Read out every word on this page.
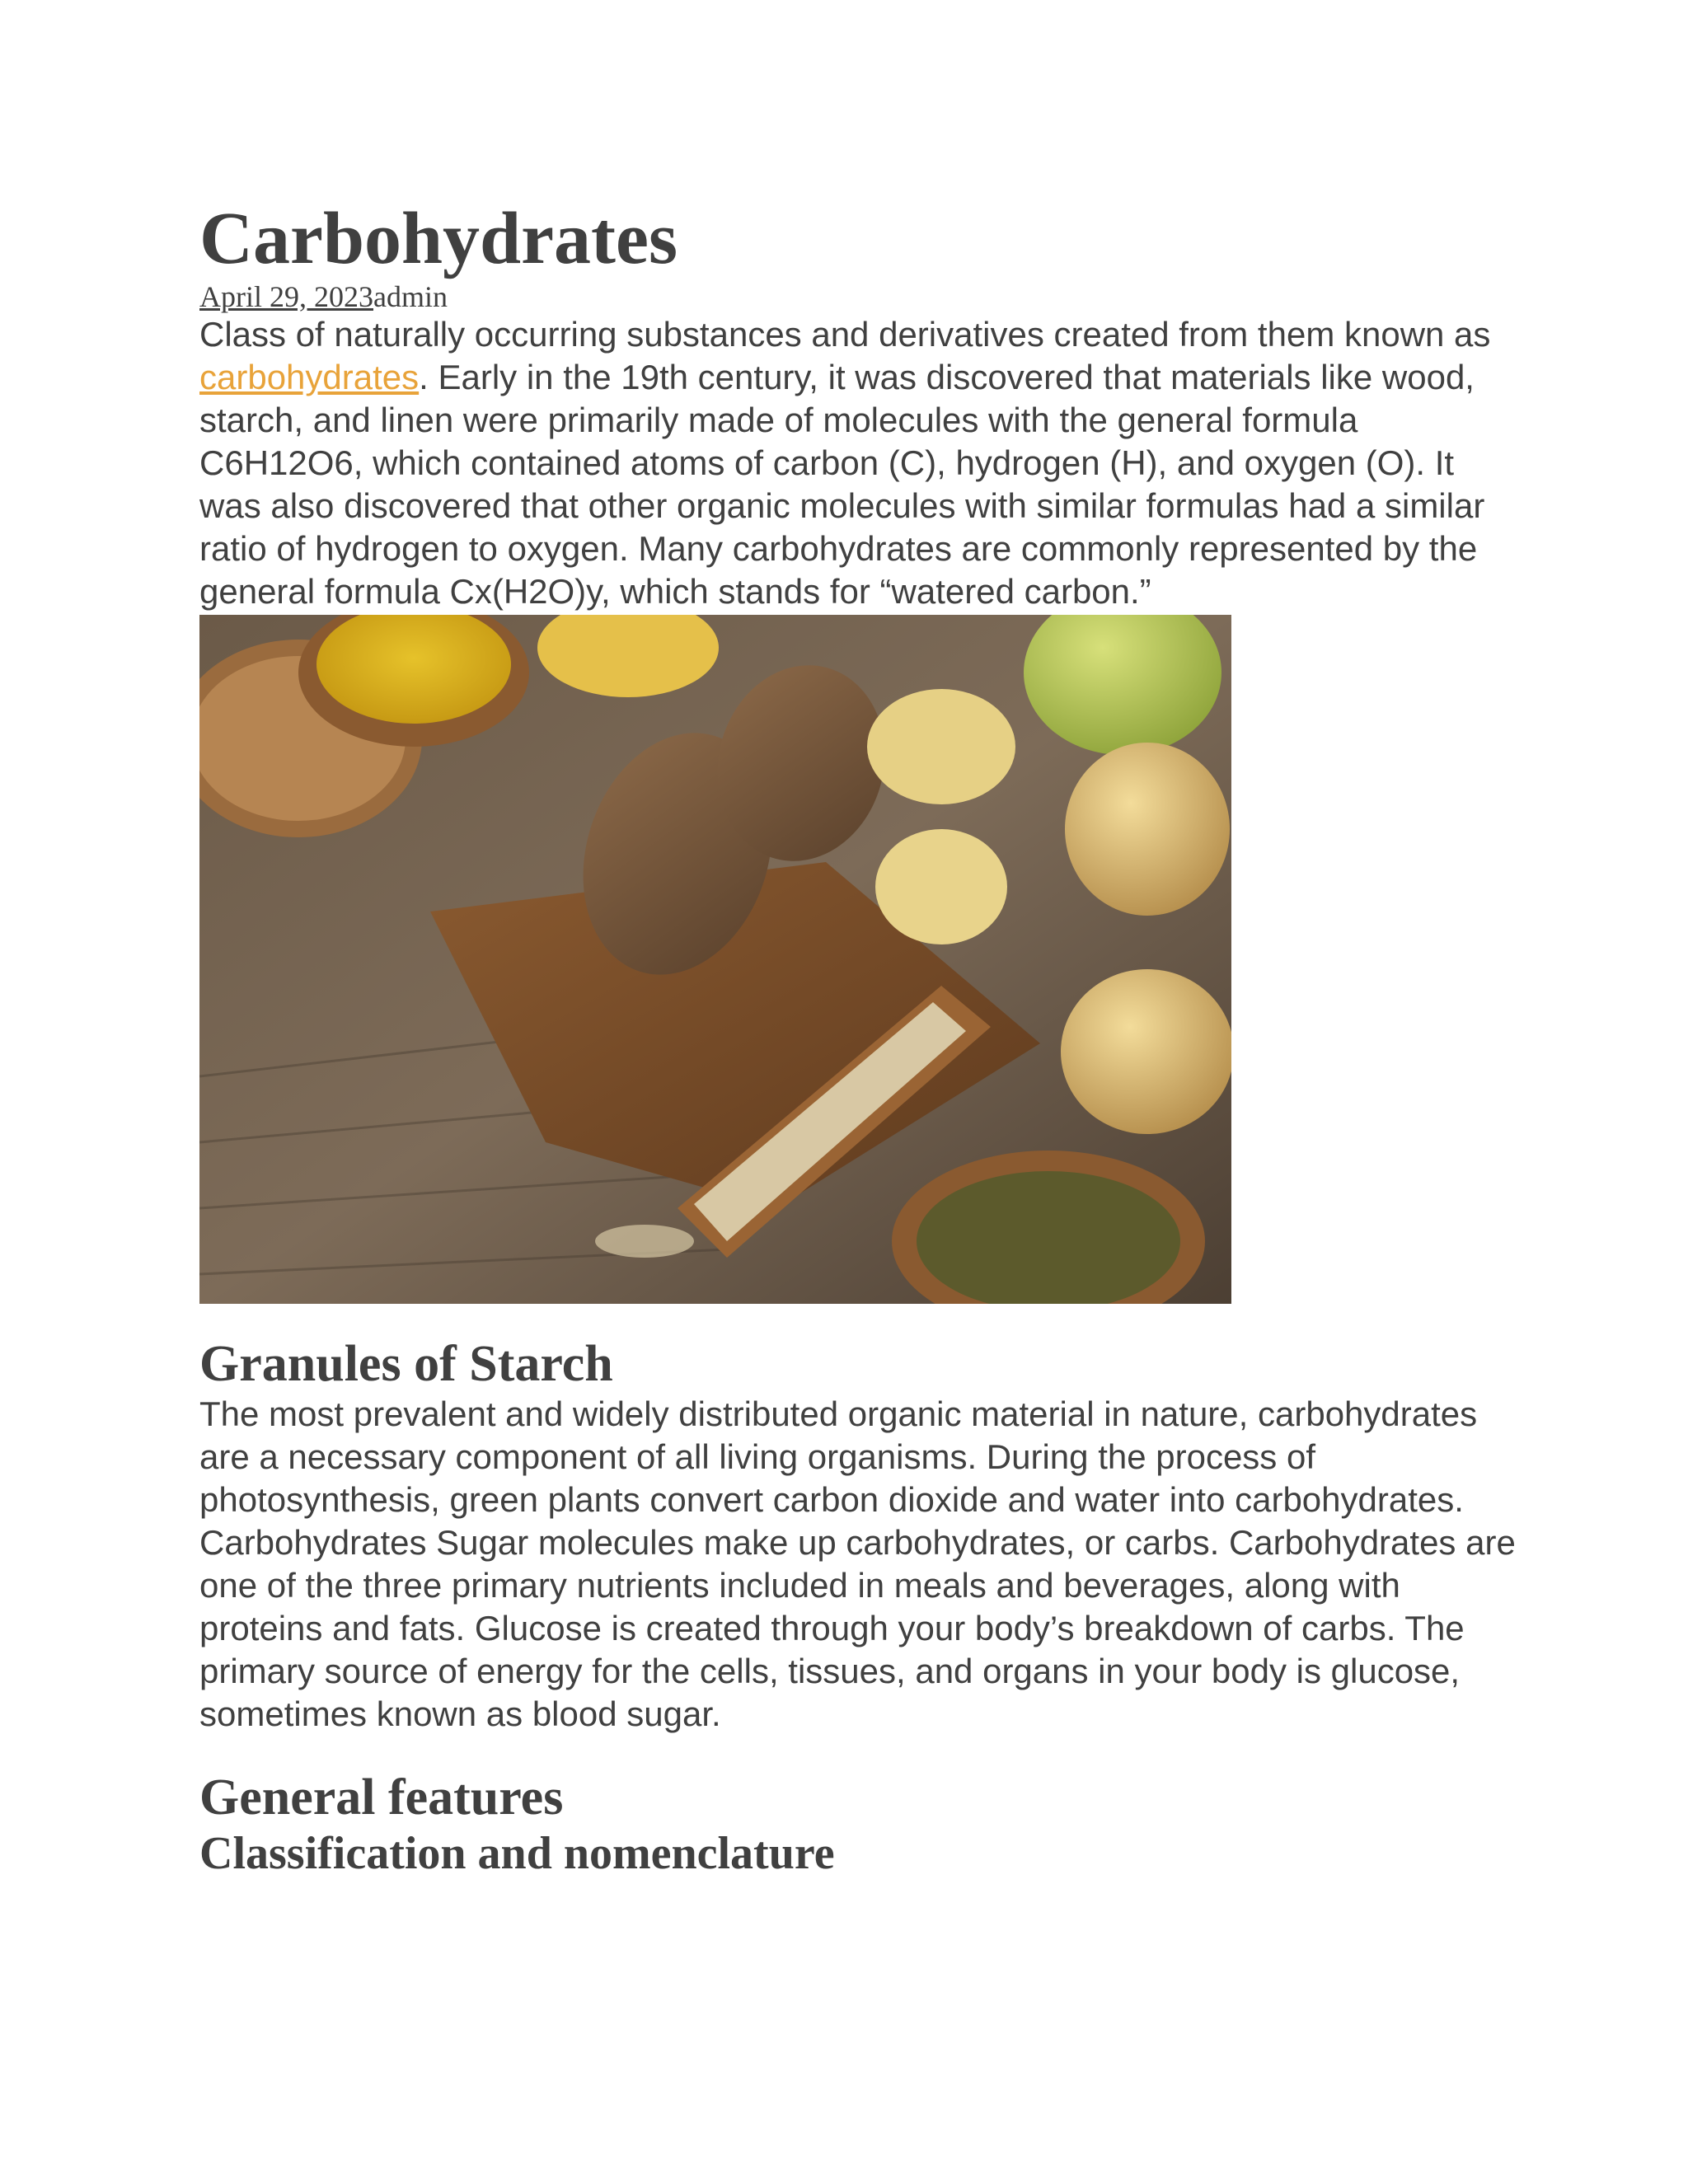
Carbohydrates
April 29, 2023admin

Class of naturally occurring substances and derivatives created from them known as carbohydrates. Early in the 19th century, it was discovered that materials like wood, starch, and linen were primarily made of molecules with the general formula C6H12O6, which contained atoms of carbon (C), hydrogen (H), and oxygen (O). It was also discovered that other organic molecules with similar formulas had a similar ratio of hydrogen to oxygen. Many carbohydrates are commonly represented by the general formula Cx(H2O)y, which stands for “watered carbon.”

Granules of Starch

The most prevalent and widely distributed organic material in nature, carbohydrates are a necessary component of all living organisms. During the process of photosynthesis, green plants convert carbon dioxide and water into carbohydrates. Carbohydrates Sugar molecules make up carbohydrates, or carbs. Carbohydrates are one of the three primary nutrients included in meals and beverages, along with proteins and fats. Glucose is created through your body’s breakdown of carbs. The primary source of energy for the cells, tissues, and organs in your body is glucose, sometimes known as blood sugar.

General features
Classification and nomenclature
